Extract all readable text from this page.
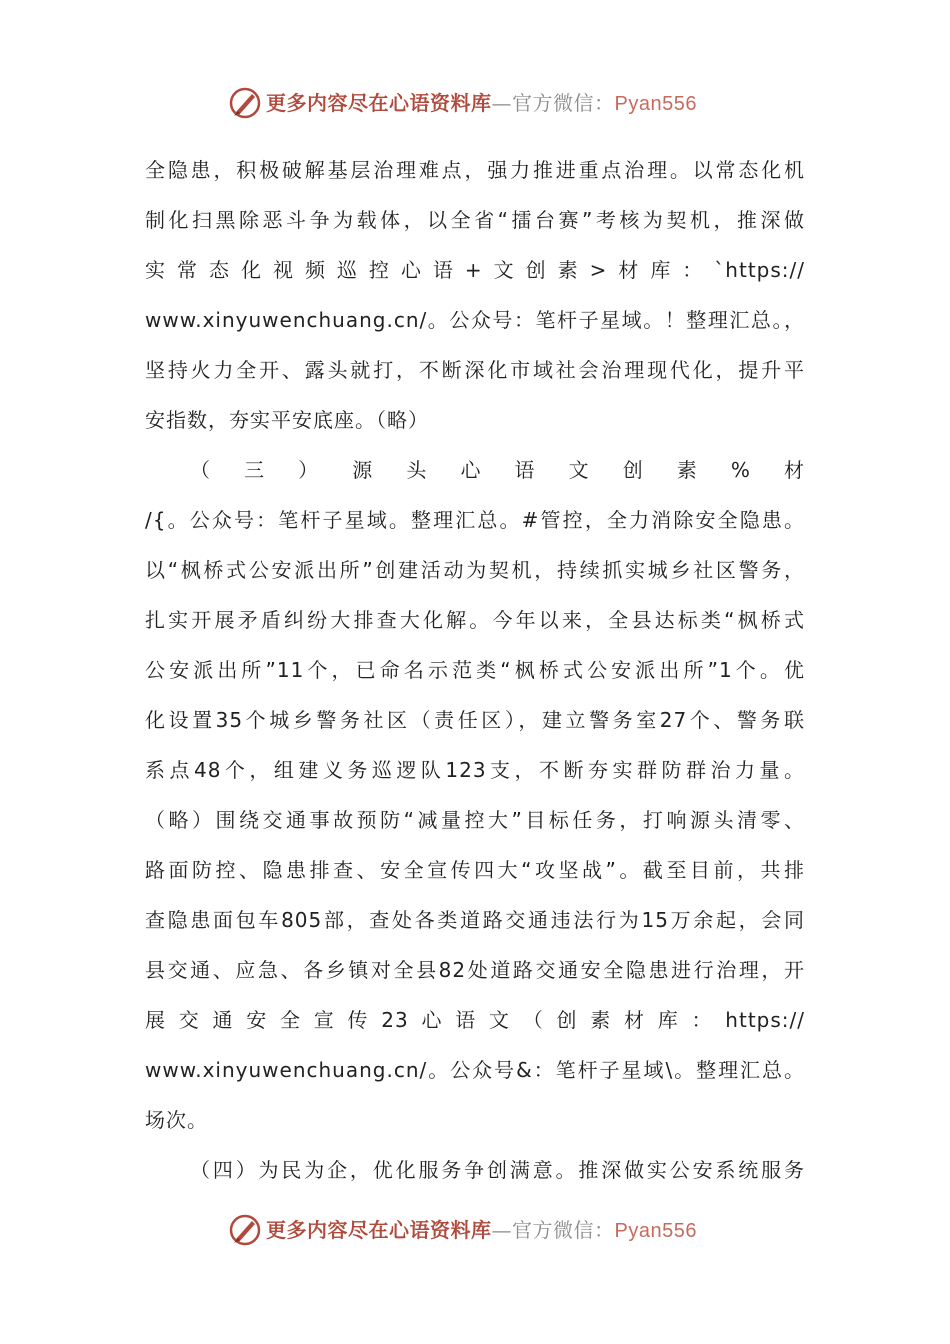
更多内容尽在心语资料库—官方微信：Pyan556
全隐患，积极破解基层治理难点，强力推进重点治理。以常态化机
制化扫黑除恶斗争为载体，以全省“擂台赛”考核为契机，推深做
实常态化视频巡控心语+文创素>材库：`https://
www.xinyuwenchuang.cn/。公众号：笔杆子星域。！整理汇总。，
坚持火力全开、露头就打，不断深化市域社会治理现代化，提升平
安指数，夯实平安底座。（略）
（三）源头心语文创素%材
/{。公众号：笔杆子星域。整理汇总。#管控，全力消除安全隐患。
以“枫桥式公安派出所”创建活动为契机，持续抓实城乡社区警务，
扎实开展矛盾纠纷大排查大化解。今年以来，全县达标类“枫桥式
公安派出所”11个，已命名示范类“枫桥式公安派出所”1个。优
化设置35个城乡警务社区（责任区），建立警务室27个、警务联
系点48个，组建义务巡逻队123支，不断夯实群防群治力量。
（略）围绕交通事故预防“减量控大”目标任务，打响源头清零、
路面防控、隐患排查、安全宣传四大“攻坚战”。截至目前，共排
查隐患面包车805部，查处各类道路交通违法行为15万余起，会同
县交通、应急、各乡镇对全县82处道路交通安全隐患进行治理，开
展交通安全宣传23心语文（创素材库：https://
www.xinyuwenchuang.cn/。公众号&：笔杆子星域\。整理汇总。
场次。
（四）为民为企，优化服务争创满意。推深做实公安系统服务
更多内容尽在心语资料库—官方微信：Pyan556
